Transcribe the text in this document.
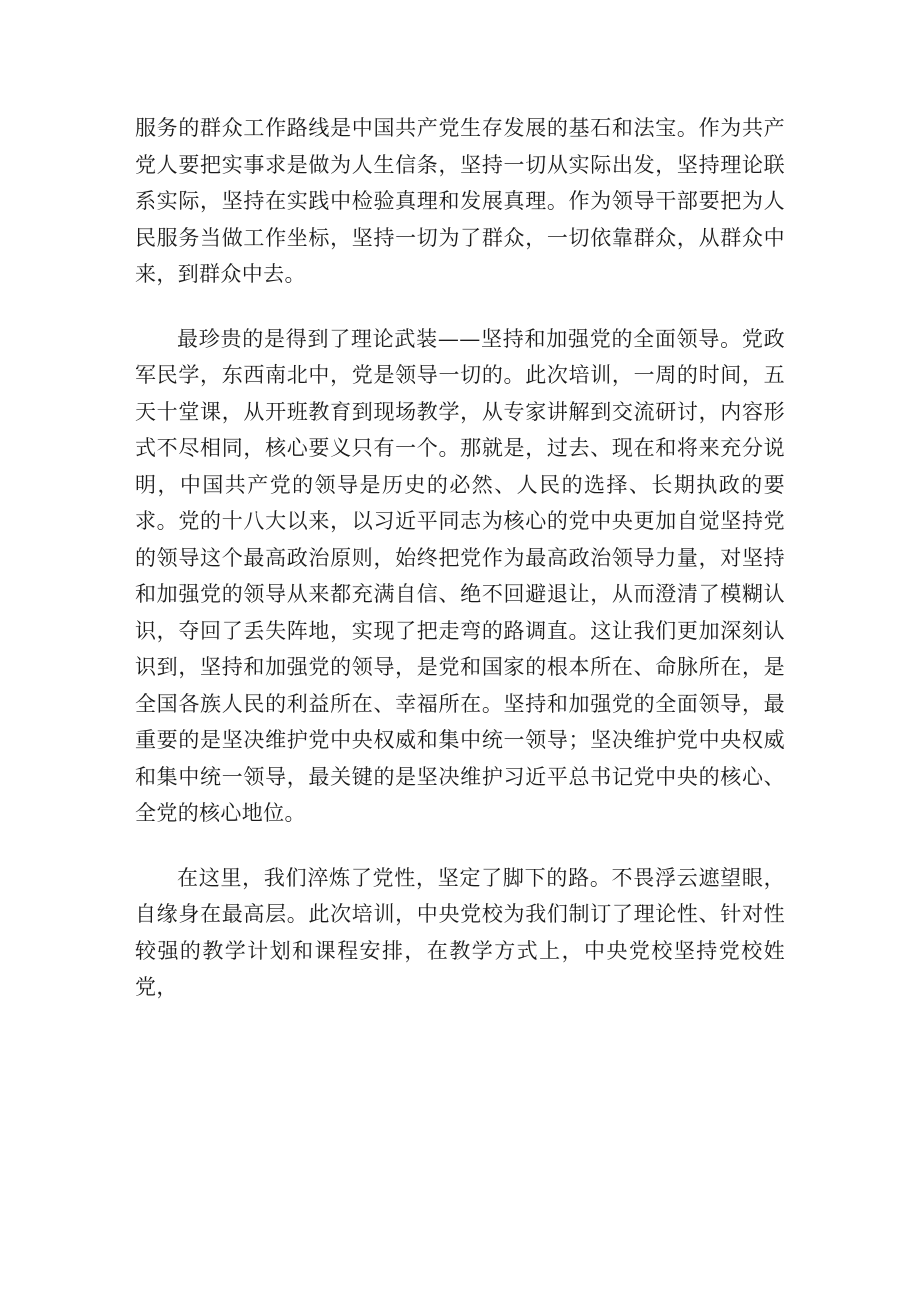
服务的群众工作路线是中国共产党生存发展的基石和法宝。作为共产党人要把实事求是做为人生信条，坚持一切从实际出发，坚持理论联系实际，坚持在实践中检验真理和发展真理。作为领导干部要把为人民服务当做工作坐标，坚持一切为了群众，一切依靠群众，从群众中来，到群众中去。

最珍贵的是得到了理论武装——坚持和加强党的全面领导。党政军民学，东西南北中，党是领导一切的。此次培训，一周的时间，五天十堂课，从开班教育到现场教学，从专家讲解到交流研讨，内容形式不尽相同，核心要义只有一个。那就是，过去、现在和将来充分说明，中国共产党的领导是历史的必然、人民的选择、长期执政的要求。党的十八大以来，以习近平同志为核心的党中央更加自觉坚持党的领导这个最高政治原则，始终把党作为最高政治领导力量，对坚持和加强党的领导从来都充满自信、绝不回避退让，从而澄清了模糊认识，夺回了丢失阵地，实现了把走弯的路调直。这让我们更加深刻认识到，坚持和加强党的领导，是党和国家的根本所在、命脉所在，是全国各族人民的利益所在、幸福所在。坚持和加强党的全面领导，最重要的是坚决维护党中央权威和集中统一领导；坚决维护党中央权威和集中统一领导，最关键的是坚决维护习近平总书记党中央的核心、全党的核心地位。

在这里，我们淬炼了党性，坚定了脚下的路。不畏浮云遮望眼，自缘身在最高层。此次培训，中央党校为我们制订了理论性、针对性较强的教学计划和课程安排，在教学方式上，中央党校坚持党校姓党，
